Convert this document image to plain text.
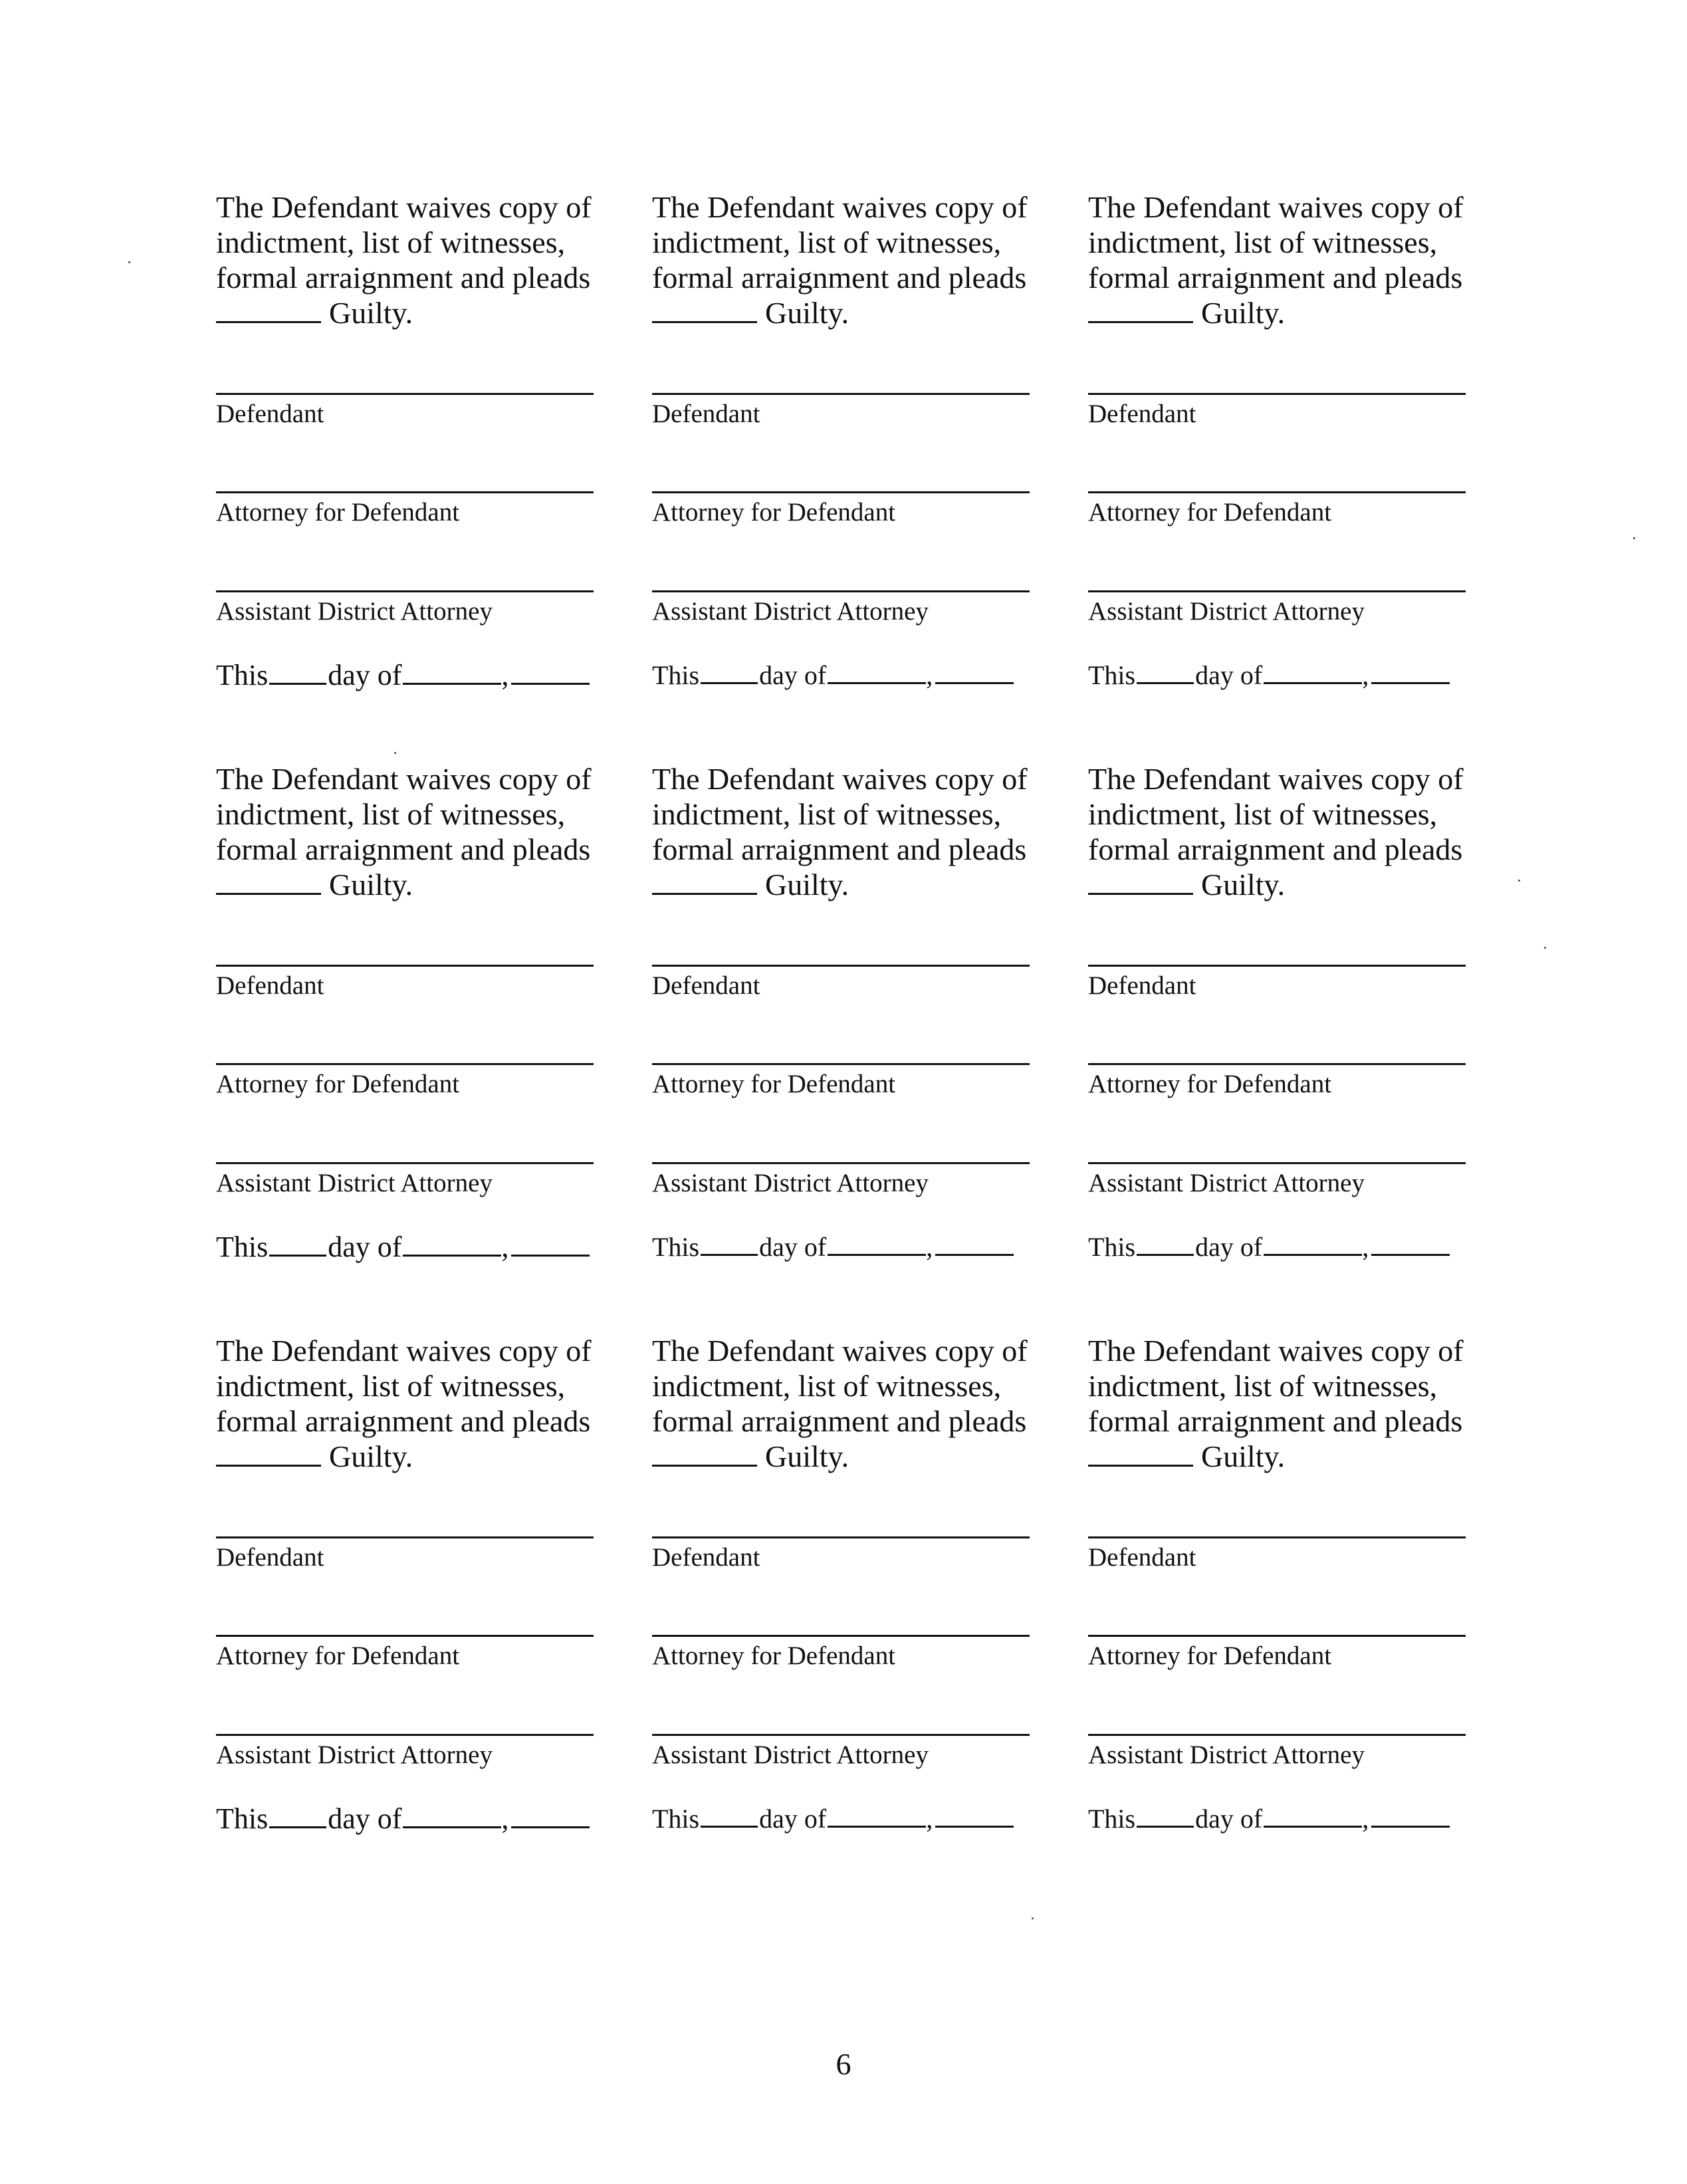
The Defendant waives copy of
indictment, list of witnesses,
formal arraignment and pleads
Guilty.

Defendant
Attorney for Defendant
Assistant District Attorney
This day of	,

The Defendant waives copy of
indictment, list of witnesses,
formal arraignment and pleads
Guilty.

Defendant
Attorney for Defendant
Assistant District Attorney
This day of	,

The Defendant waives copy of
indictment, list of witnesses,
formal arraignment and pleads
Guilty.

Defendant
Attorney for Defendant
Assistant District Attorney
This day of	,

The Defendant waives copy of
indictment, list of witnesses,
formal arraignment and pleads
Guilty.

Defendant
Attorney for Defendant
Assistant District Attorney
This day of	,

The Defendant waives copy of
indictment, list of witnesses,
formal arraignment and pleads
Guilty.

Defendant
Attorney for Defendant
Assistant District Attorney
This day of	,

The Defendant waives copy of
indictment, list of witnesses,
formal arraignment and pleads
Guilty.

Defendant
Attorney for Defendant
Assistant District Attorney
This day of	,

The Defendant waives copy of
indictment, list of witnesses,
formal arraignment and pleads
Guilty.

Defendant
Attorney for Defendant
Assistant District Attorney
This day of	,

The Defendant waives copy of
indictment, list of witnesses,
formal arraignment and pleads
Guilty.

Defendant
Attorney for Defendant
Assistant District Attorney
This day of	,

The Defendant waives copy of
indictment, list of witnesses,
formal arraignment and pleads
Guilty.

Defendant
Attorney for Defendant
Assistant District Attorney
This day of	,
6
